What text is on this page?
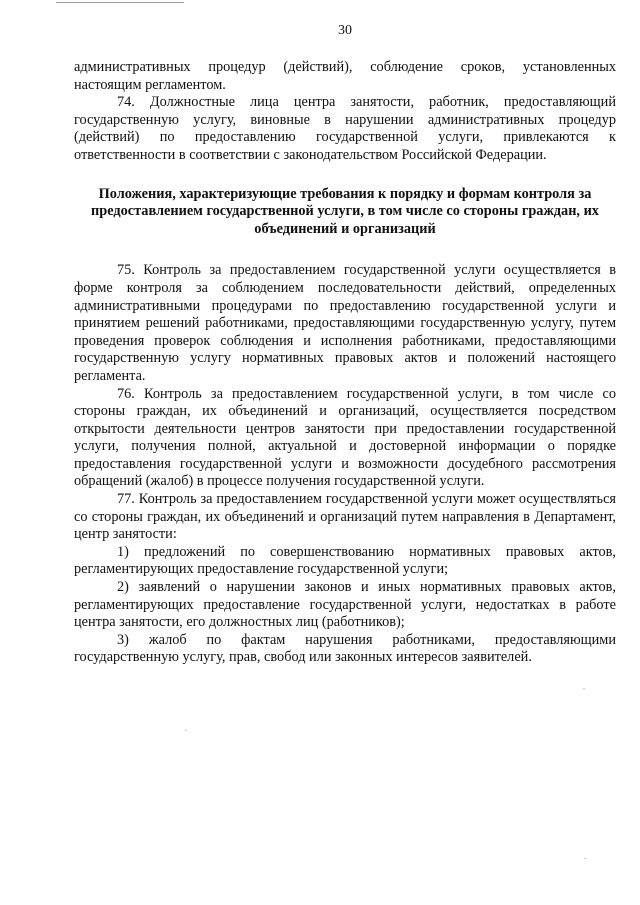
30

административных процедур (действий), соблюдение сроков, установленных настоящим регламентом.

74. Должностные лица центра занятости, работник, предоставляющий государственную услугу, виновные в нарушении административных процедур (действий) по предоставлению государственной услуги, привлекаются к ответственности в соответствии с законодательством Российской Федерации.

Положения, характеризующие требования к порядку и формам контроля за предоставлением государственной услуги, в том числе со стороны граждан, их объединений и организаций

75. Контроль за предоставлением государственной услуги осуществляется в форме контроля за соблюдением последовательности действий, определенных административными процедурами по предоставлению государственной услуги и принятием решений работниками, предоставляющими государственную услугу, путем проведения проверок соблюдения и исполнения работниками, предоставляющими государственную услугу нормативных правовых актов и положений настоящего регламента.

76. Контроль за предоставлением государственной услуги, в том числе со стороны граждан, их объединений и организаций, осуществляется посредством открытости деятельности центров занятости при предоставлении государственной услуги, получения полной, актуальной и достоверной информации о порядке предоставления государственной услуги и возможности досудебного рассмотрения обращений (жалоб) в процессе получения государственной услуги.

77. Контроль за предоставлением государственной услуги может осуществляться со стороны граждан, их объединений и организаций путем направления в Департамент, центр занятости:

1) предложений по совершенствованию нормативных правовых актов, регламентирующих предоставление государственной услуги;

2) заявлений о нарушении законов и иных нормативных правовых актов, регламентирующих предоставление государственной услуги, недостатках в работе центра занятости, его должностных лиц (работников);

3) жалоб по фактам нарушения работниками, предоставляющими государственную услугу, прав, свобод или законных интересов заявителей.
